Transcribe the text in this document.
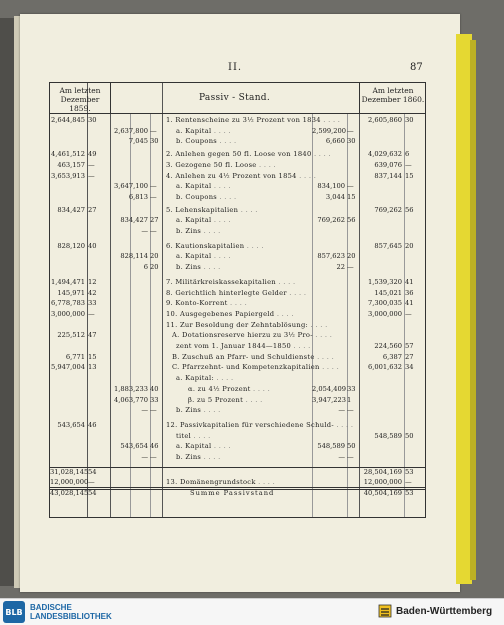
II.	87
Am letzten Dezember 1859.
Passiv - Stand.
Am letzten Dezember 1860.
2,644,845 30	1. Rentenscheine zu 3½ Prozent von 1834 . . . .	2,605,860 30
2,637,800 —	a. Kapital . . . .	2,599,200 —
7,045 30	b. Coupons . . . .	6,660 30
4,461,512 49	2. Anlehen gegen 50 fl. Loose von 1840 . . . .	4,029,632 6
463,157 —	3. Gezogene 50 fl. Loose . . . .	639,076 —
3,653,913 —	4. Anlehen zu 4½ Prozent von 1854 . . . .	837,144 15
3,647,100 —	a. Kapital . . . .	834,100 —
6,813 —	b. Coupons . . . .	3,044 15
834,427 27	5. Lehenskapitalien . . . .	769,262 56
834,427 27	a. Kapital . . . .	769,262 56
— —	b. Zins . . . .
828,120 40	6. Kautionskapitalien . . . .	857,645 20
828,114 20	a. Kapital . . . .	857,623 20
6 20	b. Zins . . . .	22 —
1,494,471 12	7. Militärkreiskassekapitalien . . . .	1,539,320 41
145,971 42	8. Gerichtlich hinterlegte Gelder . . . .	145,021 36
6,778,783 33	9. Konto-Korrent . . . .	7,300,035 41
3,000,000 —	10. Ausgegebenes Papiergeld . . . .	3,000,000 —
11. Zur Besoldung der Zehntablösung: . . . .
225,512 47	A. Dotationsreserve hierzu zu 3½ Pro- . . . .
zent vom 1. Januar 1844—1850 . . . .	224,560 57
6,771 15	B. Zuschuß an Pfarr- und Schuldienste . . . .	6,387 27
5,947,004 13	C. Pfarrzehnt- und Kompetenzkapitalien . . . .	6,001,632 34
a. Kapital: . . . .
1,883,233 40	α. zu 4½ Prozent . . . .	2,054,409 33
4,063,770 33	β. zu 5 Prozent . . . .	3,947,223 1
— —	b. Zins . . . .	— —
543,654 46	12. Passivkapitalien für verschiedene Schuld- . . . .
titel . . . .	548,589 50
543,654 46	a. Kapital . . . .	548,589 50
— —	b. Zins . . . .	— —
31,028,145 54	28,504,169 53
12,000,000 —	13. Domänengrundstock . . . .	12,000,000 —
43,028,145 54	Summe Passivstand	40,504,169 53
BLB BADISCHE
LANDESBIBLIOTHEK	Baden-Württemberg
